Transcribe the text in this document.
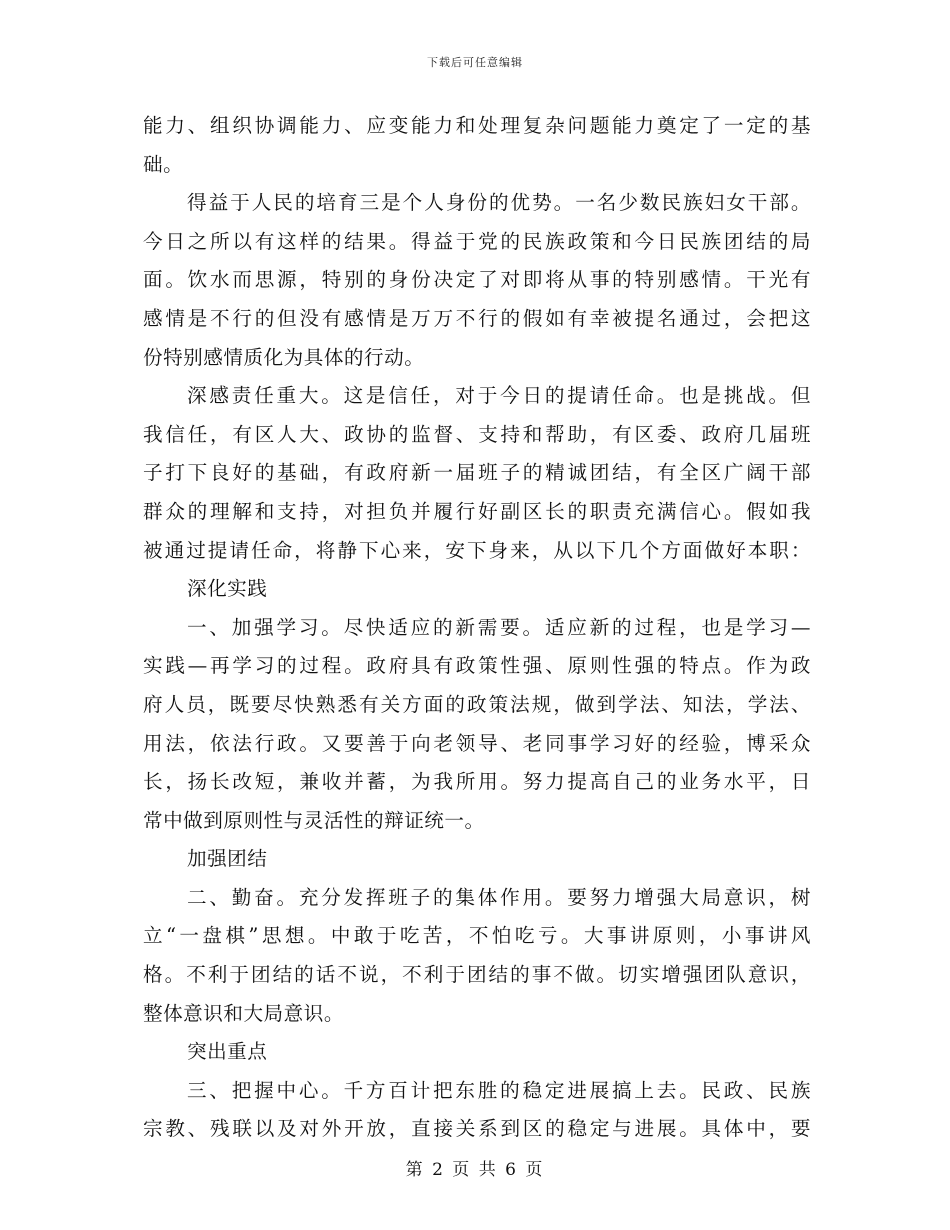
下载后可任意编辑
能力、组织协调能力、应变能力和处理复杂问题能力奠定了一定的基
础。
得益于人民的培育三是个人身份的优势。一名少数民族妇女干部。
今日之所以有这样的结果。得益于党的民族政策和今日民族团结的局
面。饮水而思源，特别的身份决定了对即将从事的特别感情。干光有
感情是不行的但没有感情是万万不行的假如有幸被提名通过，会把这
份特别感情质化为具体的行动。
深感责任重大。这是信任，对于今日的提请任命。也是挑战。但
我信任，有区人大、政协的监督、支持和帮助，有区委、政府几届班
子打下良好的基础，有政府新一届班子的精诚团结，有全区广阔干部
群众的理解和支持，对担负并履行好副区长的职责充满信心。假如我
被通过提请任命，将静下心来，安下身来，从以下几个方面做好本职：
深化实践
一、加强学习。尽快适应的新需要。适应新的过程，也是学习—
实践—再学习的过程。政府具有政策性强、原则性强的特点。作为政
府人员，既要尽快熟悉有关方面的政策法规，做到学法、知法，学法、
用法，依法行政。又要善于向老领导、老同事学习好的经验，博采众
长，扬长改短，兼收并蓄，为我所用。努力提高自己的业务水平，日
常中做到原则性与灵活性的辩证统一。
加强团结
二、勤奋。充分发挥班子的集体作用。要努力增强大局意识，树
立“一盘棋”思想。中敢于吃苦，不怕吃亏。大事讲原则，小事讲风
格。不利于团结的话不说，不利于团结的事不做。切实增强团队意识，
整体意识和大局意识。
突出重点
三、把握中心。千方百计把东胜的稳定进展搞上去。民政、民族
宗教、残联以及对外开放，直接关系到区的稳定与进展。具体中，要
第 2 页 共 6 页
